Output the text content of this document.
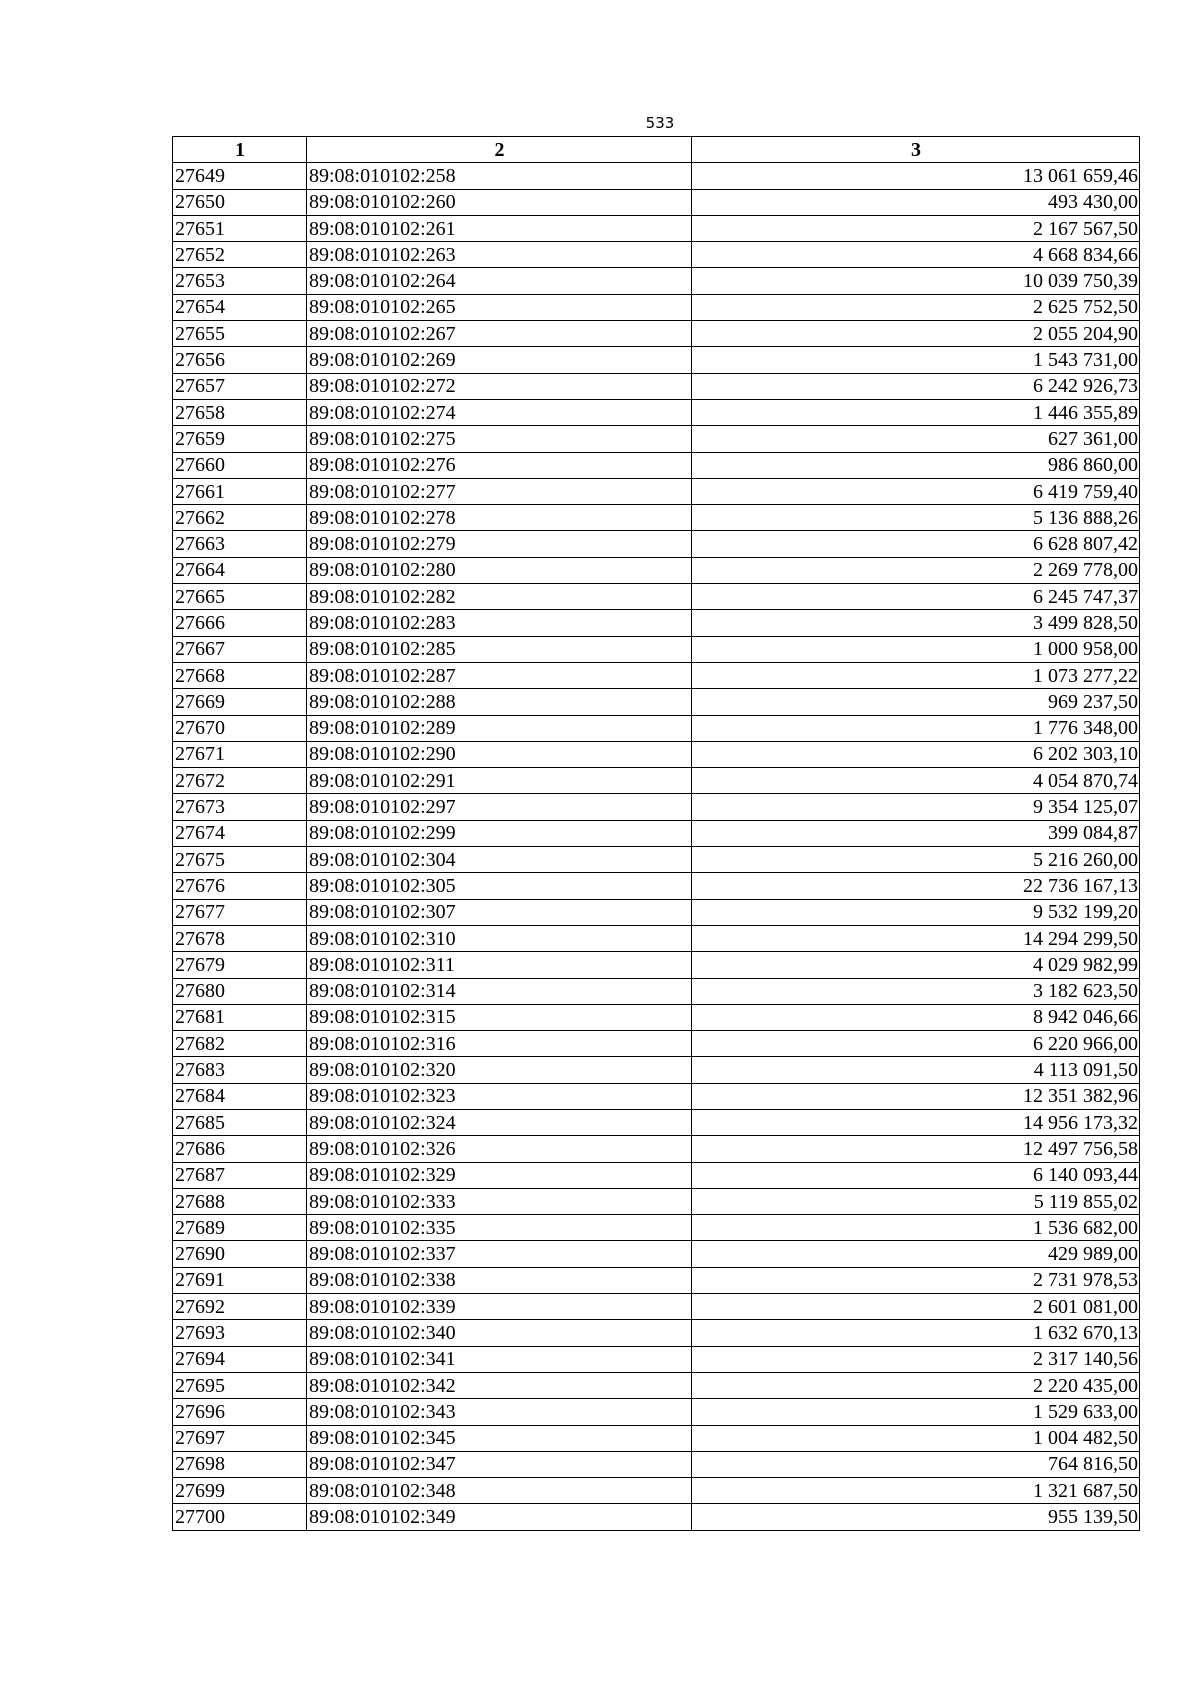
533
1	2	3
27649	89:08:010102:258	13 061 659,46
27650	89:08:010102:260	493 430,00
27651	89:08:010102:261	2 167 567,50
27652	89:08:010102:263	4 668 834,66
27653	89:08:010102:264	10 039 750,39
27654	89:08:010102:265	2 625 752,50
27655	89:08:010102:267	2 055 204,90
27656	89:08:010102:269	1 543 731,00
27657	89:08:010102:272	6 242 926,73
27658	89:08:010102:274	1 446 355,89
27659	89:08:010102:275	627 361,00
27660	89:08:010102:276	986 860,00
27661	89:08:010102:277	6 419 759,40
27662	89:08:010102:278	5 136 888,26
27663	89:08:010102:279	6 628 807,42
27664	89:08:010102:280	2 269 778,00
27665	89:08:010102:282	6 245 747,37
27666	89:08:010102:283	3 499 828,50
27667	89:08:010102:285	1 000 958,00
27668	89:08:010102:287	1 073 277,22
27669	89:08:010102:288	969 237,50
27670	89:08:010102:289	1 776 348,00
27671	89:08:010102:290	6 202 303,10
27672	89:08:010102:291	4 054 870,74
27673	89:08:010102:297	9 354 125,07
27674	89:08:010102:299	399 084,87
27675	89:08:010102:304	5 216 260,00
27676	89:08:010102:305	22 736 167,13
27677	89:08:010102:307	9 532 199,20
27678	89:08:010102:310	14 294 299,50
27679	89:08:010102:311	4 029 982,99
27680	89:08:010102:314	3 182 623,50
27681	89:08:010102:315	8 942 046,66
27682	89:08:010102:316	6 220 966,00
27683	89:08:010102:320	4 113 091,50
27684	89:08:010102:323	12 351 382,96
27685	89:08:010102:324	14 956 173,32
27686	89:08:010102:326	12 497 756,58
27687	89:08:010102:329	6 140 093,44
27688	89:08:010102:333	5 119 855,02
27689	89:08:010102:335	1 536 682,00
27690	89:08:010102:337	429 989,00
27691	89:08:010102:338	2 731 978,53
27692	89:08:010102:339	2 601 081,00
27693	89:08:010102:340	1 632 670,13
27694	89:08:010102:341	2 317 140,56
27695	89:08:010102:342	2 220 435,00
27696	89:08:010102:343	1 529 633,00
27697	89:08:010102:345	1 004 482,50
27698	89:08:010102:347	764 816,50
27699	89:08:010102:348	1 321 687,50
27700	89:08:010102:349	955 139,50
